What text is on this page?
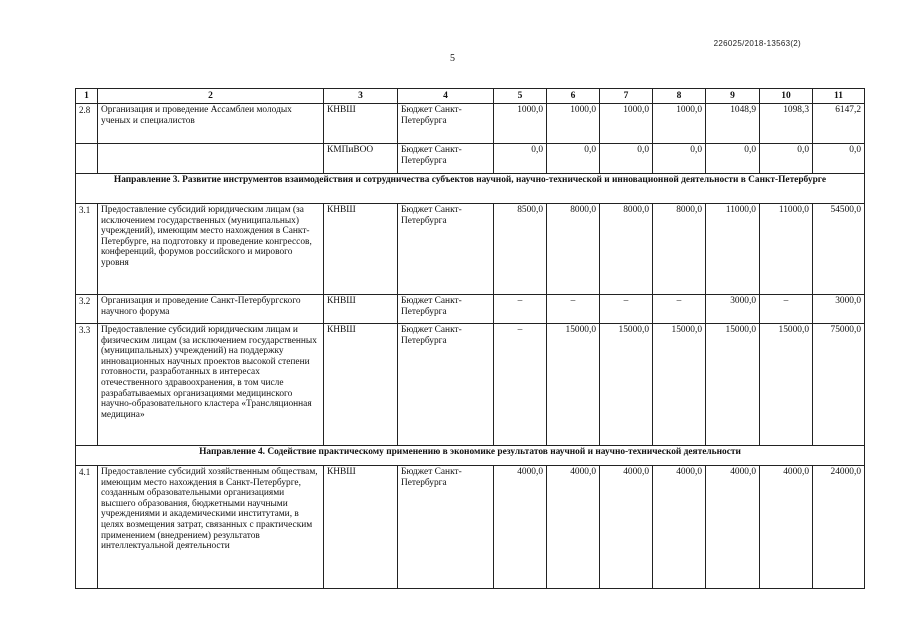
226025/2018-13563(2)
5
1	2	3	4	5	6	7	8	9	10	11
2.8	Организация и проведение Ассамблеи молодых ученых и специалистов	КНВШ	Бюджет Санкт-Петербурга	1000,0	1000,0	1000,0	1000,0	1048,9	1098,3	6147,2
		КМПиВОО	Бюджет Санкт-Петербурга	0,0	0,0	0,0	0,0	0,0	0,0	0,0
Направление 3. Развитие инструментов взаимодействия и сотрудничества субъектов научной, научно-технической и инновационной деятельности в Санкт-Петербурге										
3.1	Предоставление субсидий юридическим лицам (за исключением государственных (муниципальных) учреждений), имеющим место нахождения в Санкт-Петербурге, на подготовку и проведение конгрессов, конференций, форумов российского и мирового уровня	КНВШ	Бюджет Санкт-Петербурга	8500,0	8000,0	8000,0	8000,0	11000,0	11000,0	54500,0
3.2	Организация и проведение Санкт-Петербургского научного форума	КНВШ	Бюджет Санкт-Петербурга	–	–	–	–	3000,0	–	3000,0
3.3	Предоставление субсидий юридическим лицам и физическим лицам (за исключением государственных (муниципальных) учреждений) на поддержку инновационных научных проектов высокой степени готовности, разработанных в интересах отечественного здравоохранения, в том числе разрабатываемых организациями медицинского научно-образовательного кластера «Трансляционная медицина»	КНВШ	Бюджет Санкт-Петербурга	–	15000,0	15000,0	15000,0	15000,0	15000,0	75000,0
Направление 4. Содействие практическому применению в экономике результатов научной и научно-технической деятельности										
4.1	Предоставление субсидий хозяйственным обществам, имеющим место нахождения в Санкт-Петербурге, созданным образовательными организациями высшего образования, бюджетными научными учреждениями и академическими институтами, в целях возмещения затрат, связанных с практическим применением (внедрением) результатов интеллектуальной деятельности	КНВШ	Бюджет Санкт-Петербурга	4000,0	4000,0	4000,0	4000,0	4000,0	4000,0	24000,0
